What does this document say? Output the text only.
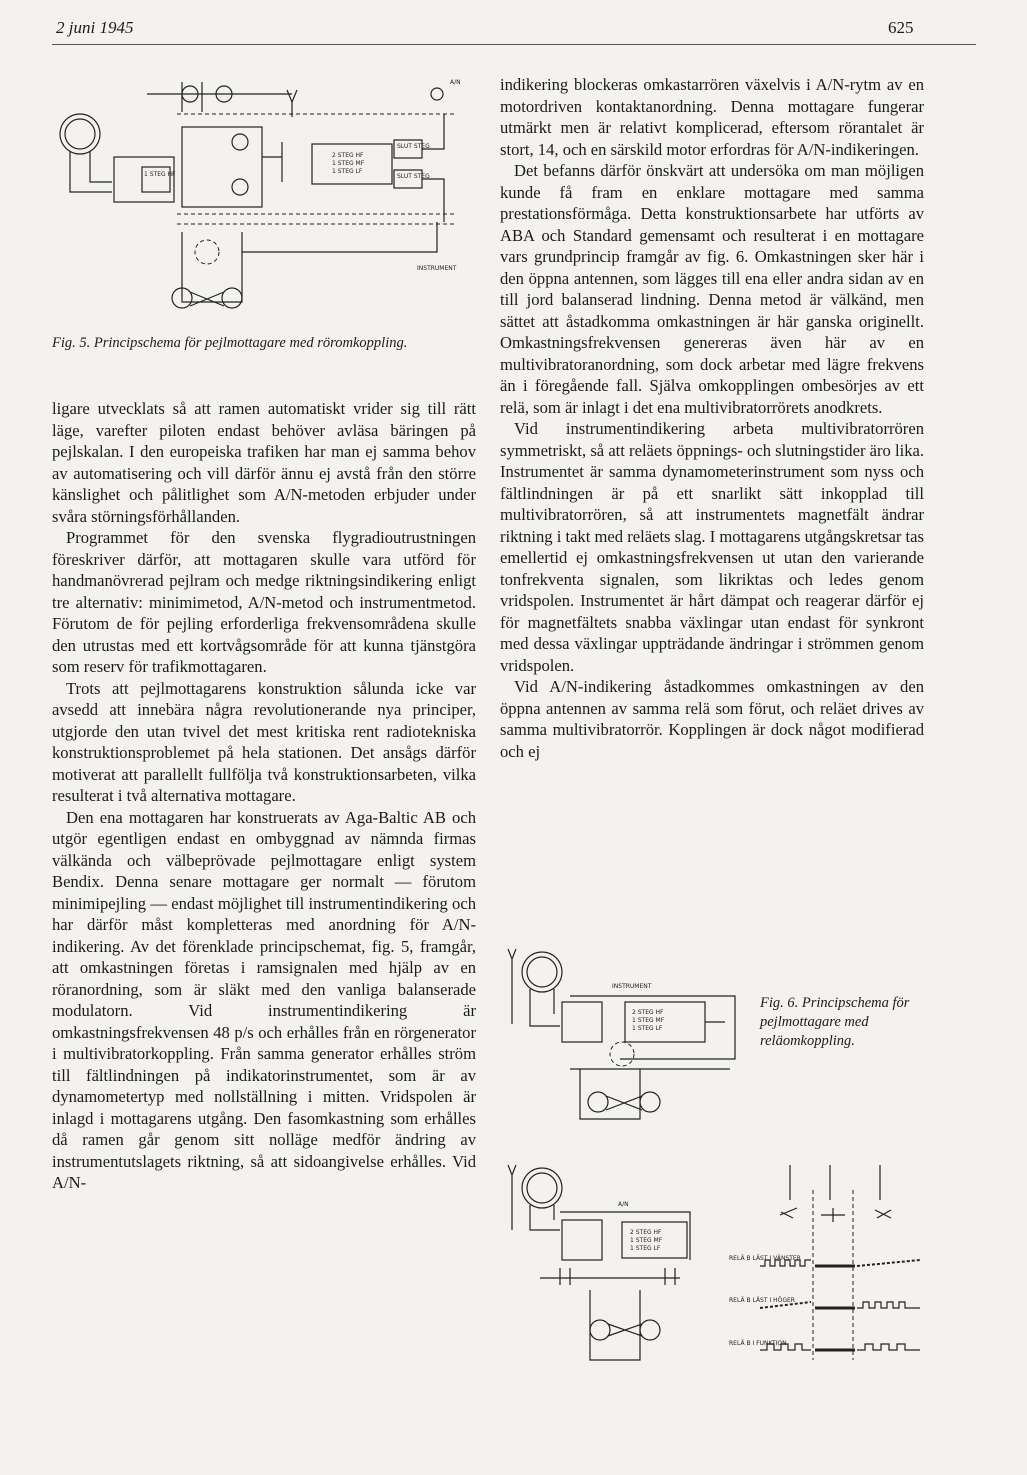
2 juni 1945	625
1 STEG HF
2 STEG HF
1 STEG MF
1 STEG LF
SLUT STEG
SLUT STEG
A/N
INSTRUMENT
Fig. 5. Principschema för pejlmottagare med röromkoppling.

ligare utvecklats så att ramen automatiskt vrider sig till rätt läge, varefter piloten endast behöver avläsa bäringen på pejlskalan. I den europeiska trafiken har man ej samma behov av automatisering och vill därför ännu ej avstå från den större känslighet och pålitlighet som A/N-metoden erbjuder under svåra störningsförhållanden.

Programmet för den svenska flygradioutrustningen föreskriver därför, att mottagaren skulle vara utförd för handmanövrerad pejlram och medge riktningsindikering enligt tre alternativ: minimimetod, A/N-metod och instrumentmetod. Förutom de för pejling erforderliga frekvensområdena skulle den utrustas med ett kortvågsområde för att kunna tjänstgöra som reserv för trafikmottagaren.

Trots att pejlmottagarens konstruktion sålunda icke var avsedd att innebära några revolutionerande nya principer, utgjorde den utan tvivel det mest kritiska rent radiotekniska konstruktionsproblemet på hela stationen. Det ansågs därför motiverat att parallellt fullfölja två konstruktionsarbeten, vilka resulterat i två alternativa mottagare.

Den ena mottagaren har konstruerats av Aga-Baltic AB och utgör egentligen endast en ombyggnad av nämnda firmas välkända och välbeprövade pejlmottagare enligt system Bendix. Denna senare mottagare ger normalt — förutom minimipejling — endast möjlighet till instrumentindikering och har därför måst kompletteras med anordning för A/N-indikering. Av det förenklade principschemat, fig. 5, framgår, att omkastningen företas i ramsignalen med hjälp av en röranordning, som är släkt med den vanliga balanserade modulatorn. Vid instrumentindikering är omkastningsfrekvensen 48 p/s och erhålles från en rörgenerator i multivibratorkoppling. Från samma generator erhålles ström till fältlindningen på indikatorinstrumentet, som är av dynamometertyp med nollställning i mitten. Vridspolen är inlagd i mottagarens utgång. Den fasomkastning som erhålles då ramen går genom sitt nolläge medför ändring av instrumentutslagets riktning, så att sidoangivelse erhålles. Vid A/N-

indikering blockeras omkastarrören växelvis i A/N-rytm av en motordriven kontaktanordning. Denna mottagare fungerar utmärkt men är relativt komplicerad, eftersom rörantalet är stort, 14, och en särskild motor erfordras för A/N-indikeringen.

Det befanns därför önskvärt att undersöka om man möjligen kunde få fram en enklare mottagare med samma prestationsförmåga. Detta konstruktionsarbete har utförts av ABA och Standard gemensamt och resulterat i en mottagare vars grundprincip framgår av fig. 6. Omkastningen sker här i den öppna antennen, som lägges till ena eller andra sidan av en till jord balanserad lindning. Denna metod är välkänd, men sättet att åstadkomma omkastningen är här ganska originellt. Omkastningsfrekvensen genereras även här av en multivibratoranordning, som dock arbetar med lägre frekvens än i föregående fall. Själva omkopplingen ombesörjes av ett relä, som är inlagt i det ena multivibratorrörets anodkrets.

Vid instrumentindikering arbeta multivibratorrören symmetriskt, så att reläets öppnings- och slutningstider äro lika. Instrumentet är samma dynamometerinstrument som nyss och fältlindningen är på ett snarlikt sätt inkopplad till multivibratorrören, så att instrumentets magnetfält ändrar riktning i takt med reläets slag. I mottagarens utgångskretsar tas emellertid ej omkastningsfrekvensen ut utan den varierande tonfrekventa signalen, som likriktas och ledes genom vridspolen. Instrumentet är hårt dämpat och reagerar därför ej för magnetfältets snabba växlingar utan endast för synkront med dessa växlingar uppträdande ändringar i strömmen genom vridspolen.

Vid A/N-indikering åstadkommes omkastningen av den öppna antennen av samma relä som förut, och reläet drives av samma multivibratorrör. Kopplingen är dock något modifierad och ej

INSTRUMENT
2 STEG HF
1 STEG MF
1 STEG LF
Fig. 6. Principschema för pejlmottagare med reläomkoppling.
A/N
2 STEG HF
1 STEG MF
1 STEG LF
RELÄ B LÄST I VÄNSTER
RELÄ B LÄST I HÖGER
RELÄ B I FUNKTION
